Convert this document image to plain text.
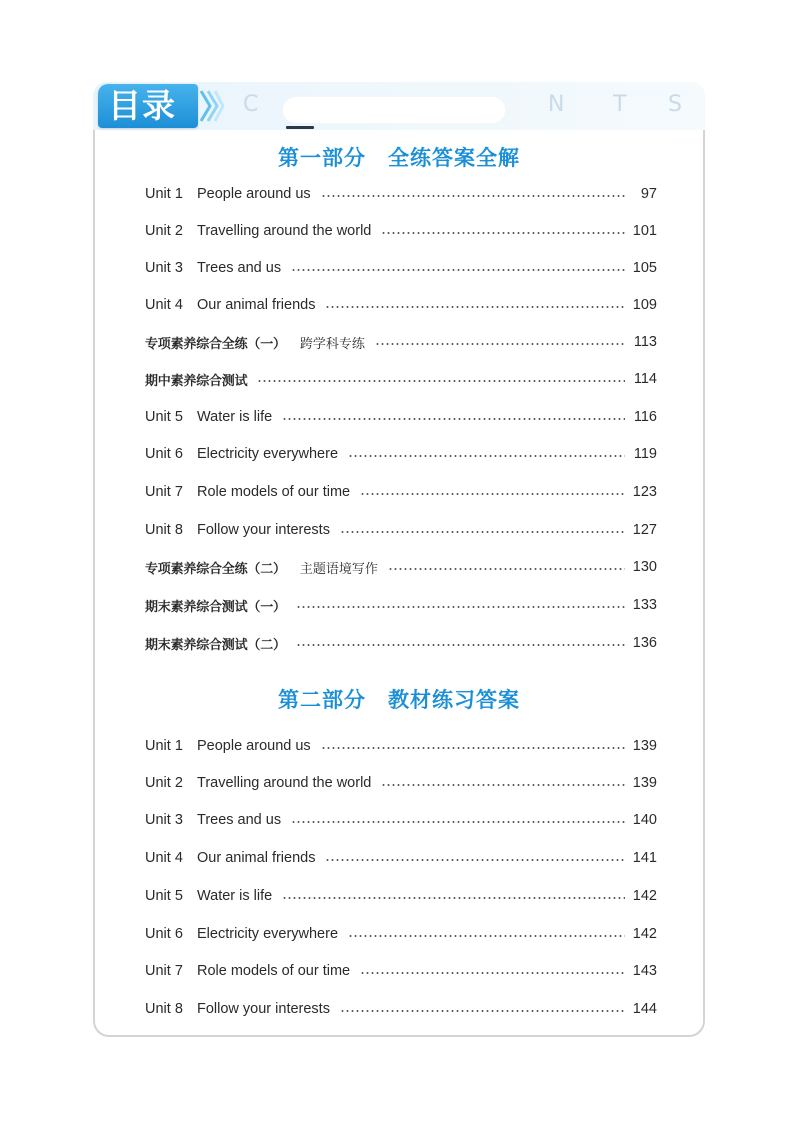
目录	C	N T S
第一部分　全练答案全解
Unit 1 People around us	97
Unit 2 Travelling around the world	101
Unit 3 Trees and us	105
Unit 4 Our animal friends	109
专项素养综合全练（一） 跨学科专练	113
期中素养综合测试	114
Unit 5 Water is life	116
Unit 6 Electricity everywhere	119
Unit 7 Role models of our time	123
Unit 8 Follow your interests	127
专项素养综合全练（二） 主题语境写作	130
期末素养综合测试（一）	133
期末素养综合测试（二）	136
第二部分　教材练习答案
Unit 1 People around us	139
Unit 2 Travelling around the world	139
Unit 3 Trees and us	140
Unit 4 Our animal friends	141
Unit 5 Water is life	142
Unit 6 Electricity everywhere	142
Unit 7 Role models of our time	143
Unit 8 Follow your interests	144
